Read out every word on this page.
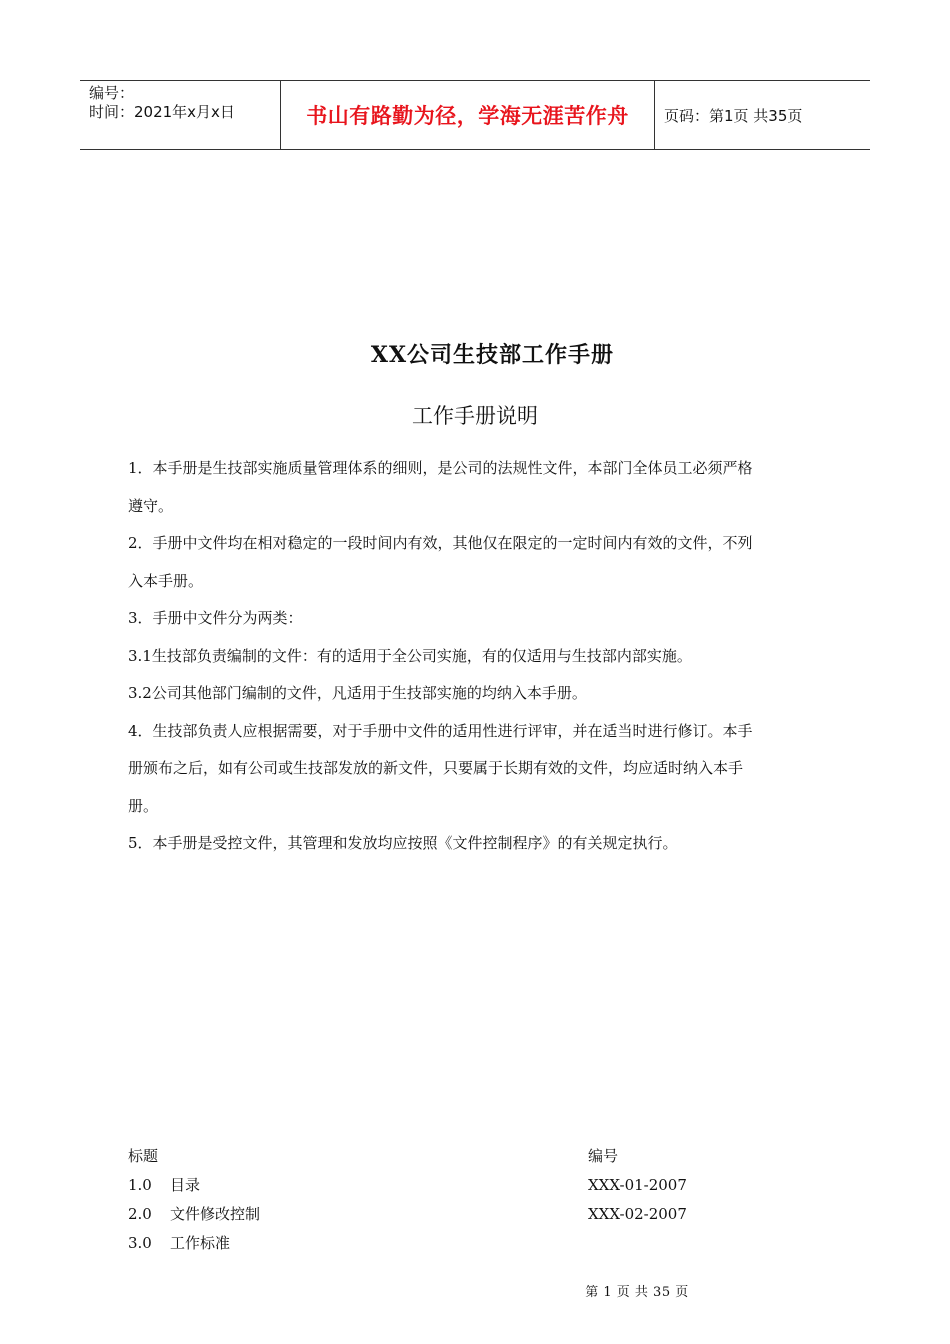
编号：
时间：2021年x月x日	书山有路勤为径，学海无涯苦作舟	页码：第1页 共35页
XX公司生技部工作手册
工作手册说明

1．本手册是生技部实施质量管理体系的细则，是公司的法规性文件，本部门全体员工必须严格

遵守。

2．手册中文件均在相对稳定的一段时间内有效，其他仅在限定的一定时间内有效的文件，不列

入本手册。

3．手册中文件分为两类：

3.1生技部负责编制的文件：有的适用于全公司实施，有的仅适用与生技部内部实施。

3.2公司其他部门编制的文件，凡适用于生技部实施的均纳入本手册。

4．生技部负责人应根据需要，对于手册中文件的适用性进行评审，并在适当时进行修订。本手

册颁布之后，如有公司或生技部发放的新文件，只要属于长期有效的文件，均应适时纳入本手

册。

5．本手册是受控文件，其管理和发放均应按照《文件控制程序》的有关规定执行。

标题	编号
1.0	目录	XXX-01-2007
2.0	文件修改控制	XXX-02-2007
3.0	工作标准
第 1 页 共 35 页
